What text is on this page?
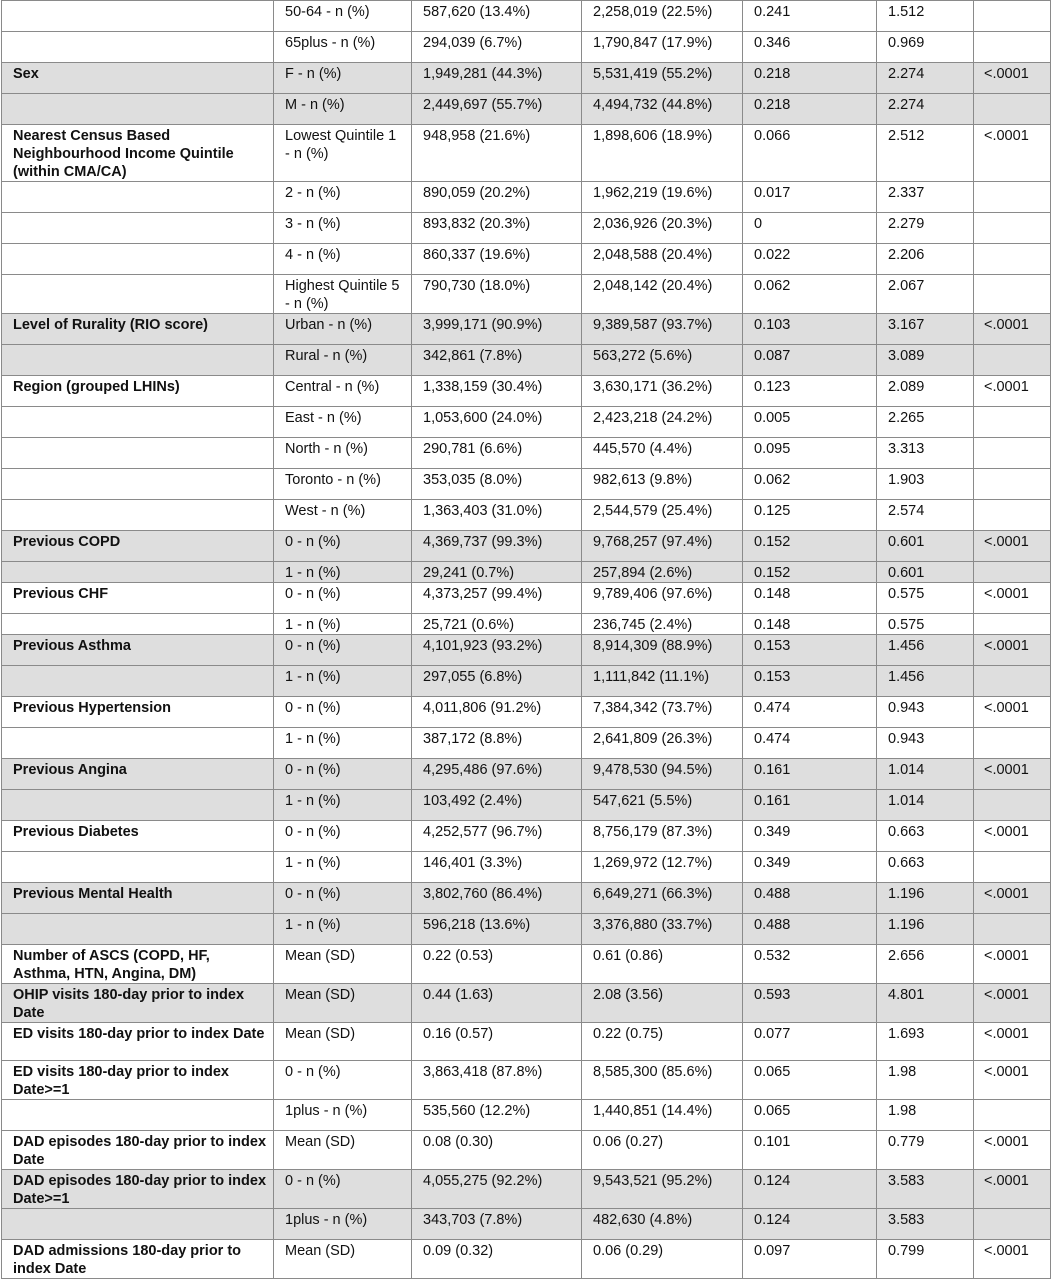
	50-64 - n (%)	587,620 (13.4%)	2,258,019 (22.5%)	0.241	1.512	
	65plus - n (%)	294,039 (6.7%)	1,790,847 (17.9%)	0.346	0.969	
Sex	F - n (%)	1,949,281 (44.3%)	5,531,419 (55.2%)	0.218	2.274	<.0001
	M - n (%)	2,449,697 (55.7%)	4,494,732 (44.8%)	0.218	2.274	
Nearest Census Based Neighbourhood Income Quintile (within CMA/CA)	Lowest Quintile 1 - n (%)	948,958 (21.6%)	1,898,606 (18.9%)	0.066	2.512	<.0001
	2 - n (%)	890,059 (20.2%)	1,962,219 (19.6%)	0.017	2.337	
	3 - n (%)	893,832 (20.3%)	2,036,926 (20.3%)	0	2.279	
	4 - n (%)	860,337 (19.6%)	2,048,588 (20.4%)	0.022	2.206	
	Highest Quintile 5 - n (%)	790,730 (18.0%)	2,048,142 (20.4%)	0.062	2.067	
Level of Rurality (RIO score)	Urban - n (%)	3,999,171 (90.9%)	9,389,587 (93.7%)	0.103	3.167	<.0001
	Rural - n (%)	342,861 (7.8%)	563,272 (5.6%)	0.087	3.089	
Region (grouped LHINs)	Central - n (%)	1,338,159 (30.4%)	3,630,171 (36.2%)	0.123	2.089	<.0001
	East - n (%)	1,053,600 (24.0%)	2,423,218 (24.2%)	0.005	2.265	
	North - n (%)	290,781 (6.6%)	445,570 (4.4%)	0.095	3.313	
	Toronto - n (%)	353,035 (8.0%)	982,613 (9.8%)	0.062	1.903	
	West - n (%)	1,363,403 (31.0%)	2,544,579 (25.4%)	0.125	2.574	
Previous COPD	0 - n (%)	4,369,737 (99.3%)	9,768,257 (97.4%)	0.152	0.601	<.0001
	1 - n (%)	29,241 (0.7%)	257,894 (2.6%)	0.152	0.601	
Previous CHF	0 - n (%)	4,373,257 (99.4%)	9,789,406 (97.6%)	0.148	0.575	<.0001
	1 - n (%)	25,721 (0.6%)	236,745 (2.4%)	0.148	0.575	
Previous Asthma	0 - n (%)	4,101,923 (93.2%)	8,914,309 (88.9%)	0.153	1.456	<.0001
	1 - n (%)	297,055 (6.8%)	1,111,842 (11.1%)	0.153	1.456	
Previous Hypertension	0 - n (%)	4,011,806 (91.2%)	7,384,342 (73.7%)	0.474	0.943	<.0001
	1 - n (%)	387,172 (8.8%)	2,641,809 (26.3%)	0.474	0.943	
Previous Angina	0 - n (%)	4,295,486 (97.6%)	9,478,530 (94.5%)	0.161	1.014	<.0001
	1 - n (%)	103,492 (2.4%)	547,621 (5.5%)	0.161	1.014	
Previous Diabetes	0 - n (%)	4,252,577 (96.7%)	8,756,179 (87.3%)	0.349	0.663	<.0001
	1 - n (%)	146,401 (3.3%)	1,269,972 (12.7%)	0.349	0.663	
Previous Mental Health	0 - n (%)	3,802,760 (86.4%)	6,649,271 (66.3%)	0.488	1.196	<.0001
	1 - n (%)	596,218 (13.6%)	3,376,880 (33.7%)	0.488	1.196	
Number of ASCS (COPD, HF, Asthma, HTN, Angina, DM)	Mean (SD)	0.22 (0.53)	0.61 (0.86)	0.532	2.656	<.0001
OHIP visits 180-day prior to index Date	Mean (SD)	0.44 (1.63)	2.08 (3.56)	0.593	4.801	<.0001
ED visits 180-day prior to index Date	Mean (SD)	0.16 (0.57)	0.22 (0.75)	0.077	1.693	<.0001
ED visits 180-day prior to index Date>=1	0 - n (%)	3,863,418 (87.8%)	8,585,300 (85.6%)	0.065	1.98	<.0001
	1plus - n (%)	535,560 (12.2%)	1,440,851 (14.4%)	0.065	1.98	
DAD episodes 180-day prior to index Date	Mean (SD)	0.08 (0.30)	0.06 (0.27)	0.101	0.779	<.0001
DAD episodes 180-day prior to index Date>=1	0 - n (%)	4,055,275 (92.2%)	9,543,521 (95.2%)	0.124	3.583	<.0001
	1plus - n (%)	343,703 (7.8%)	482,630 (4.8%)	0.124	3.583	
DAD admissions 180-day prior to index Date	Mean (SD)	0.09 (0.32)	0.06 (0.29)	0.097	0.799	<.0001
